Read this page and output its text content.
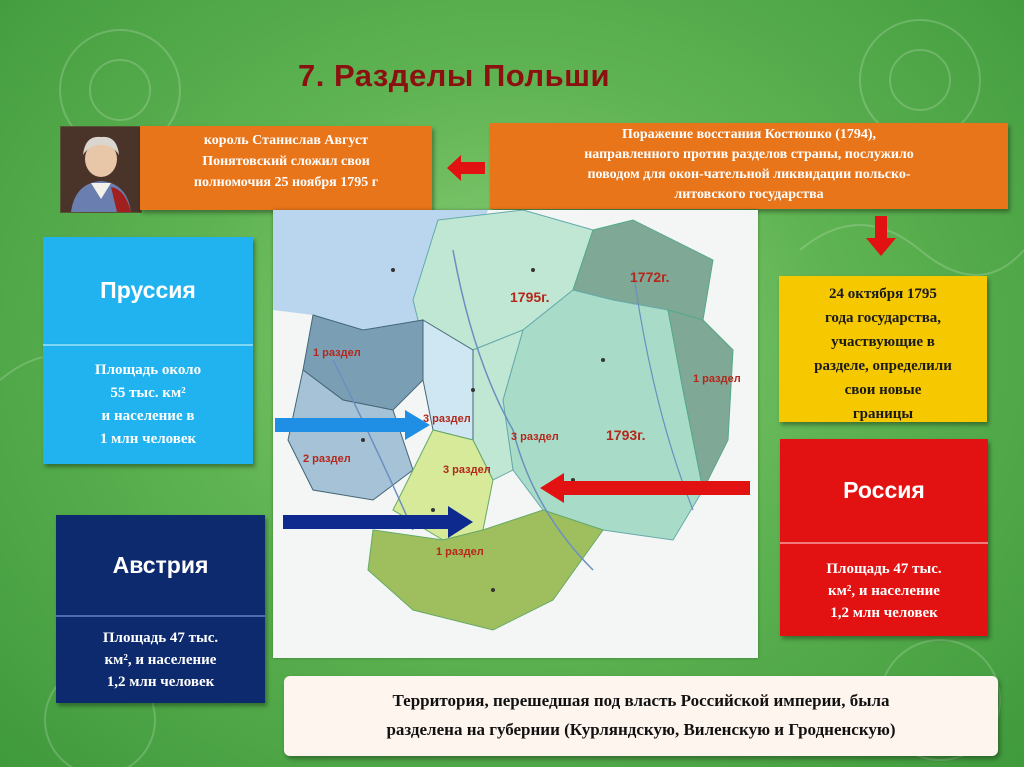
7. Разделы Польши
король Станислав Август
Понятовский сложил свои
полномочия 25 ноября 1795 г
Поражение восстания Костюшко (1794),
направленного против разделов страны, послужило
поводом для окон-чательной ликвидации польско-
литовского государства
24 октября 1795
года государства,
участвующие в
разделе, определили
свои новые
границы
1795г.
1772г.
1793г.
1 раздел
3 раздел
3 раздел
2 раздел
1 раздел
3 раздел
1 раздел
Пруссия
Площадь около
55 тыс. км²
и население в
1 млн человек
Австрия
Площадь 47 тыс.
км², и население
1,2 млн человек
Россия
Площадь 47 тыс.
км², и население
1,2 млн человек
Территория, перешедшая под власть Российской империи, была
разделена на губернии (Курляндскую, Виленскую и Гродненскую)
